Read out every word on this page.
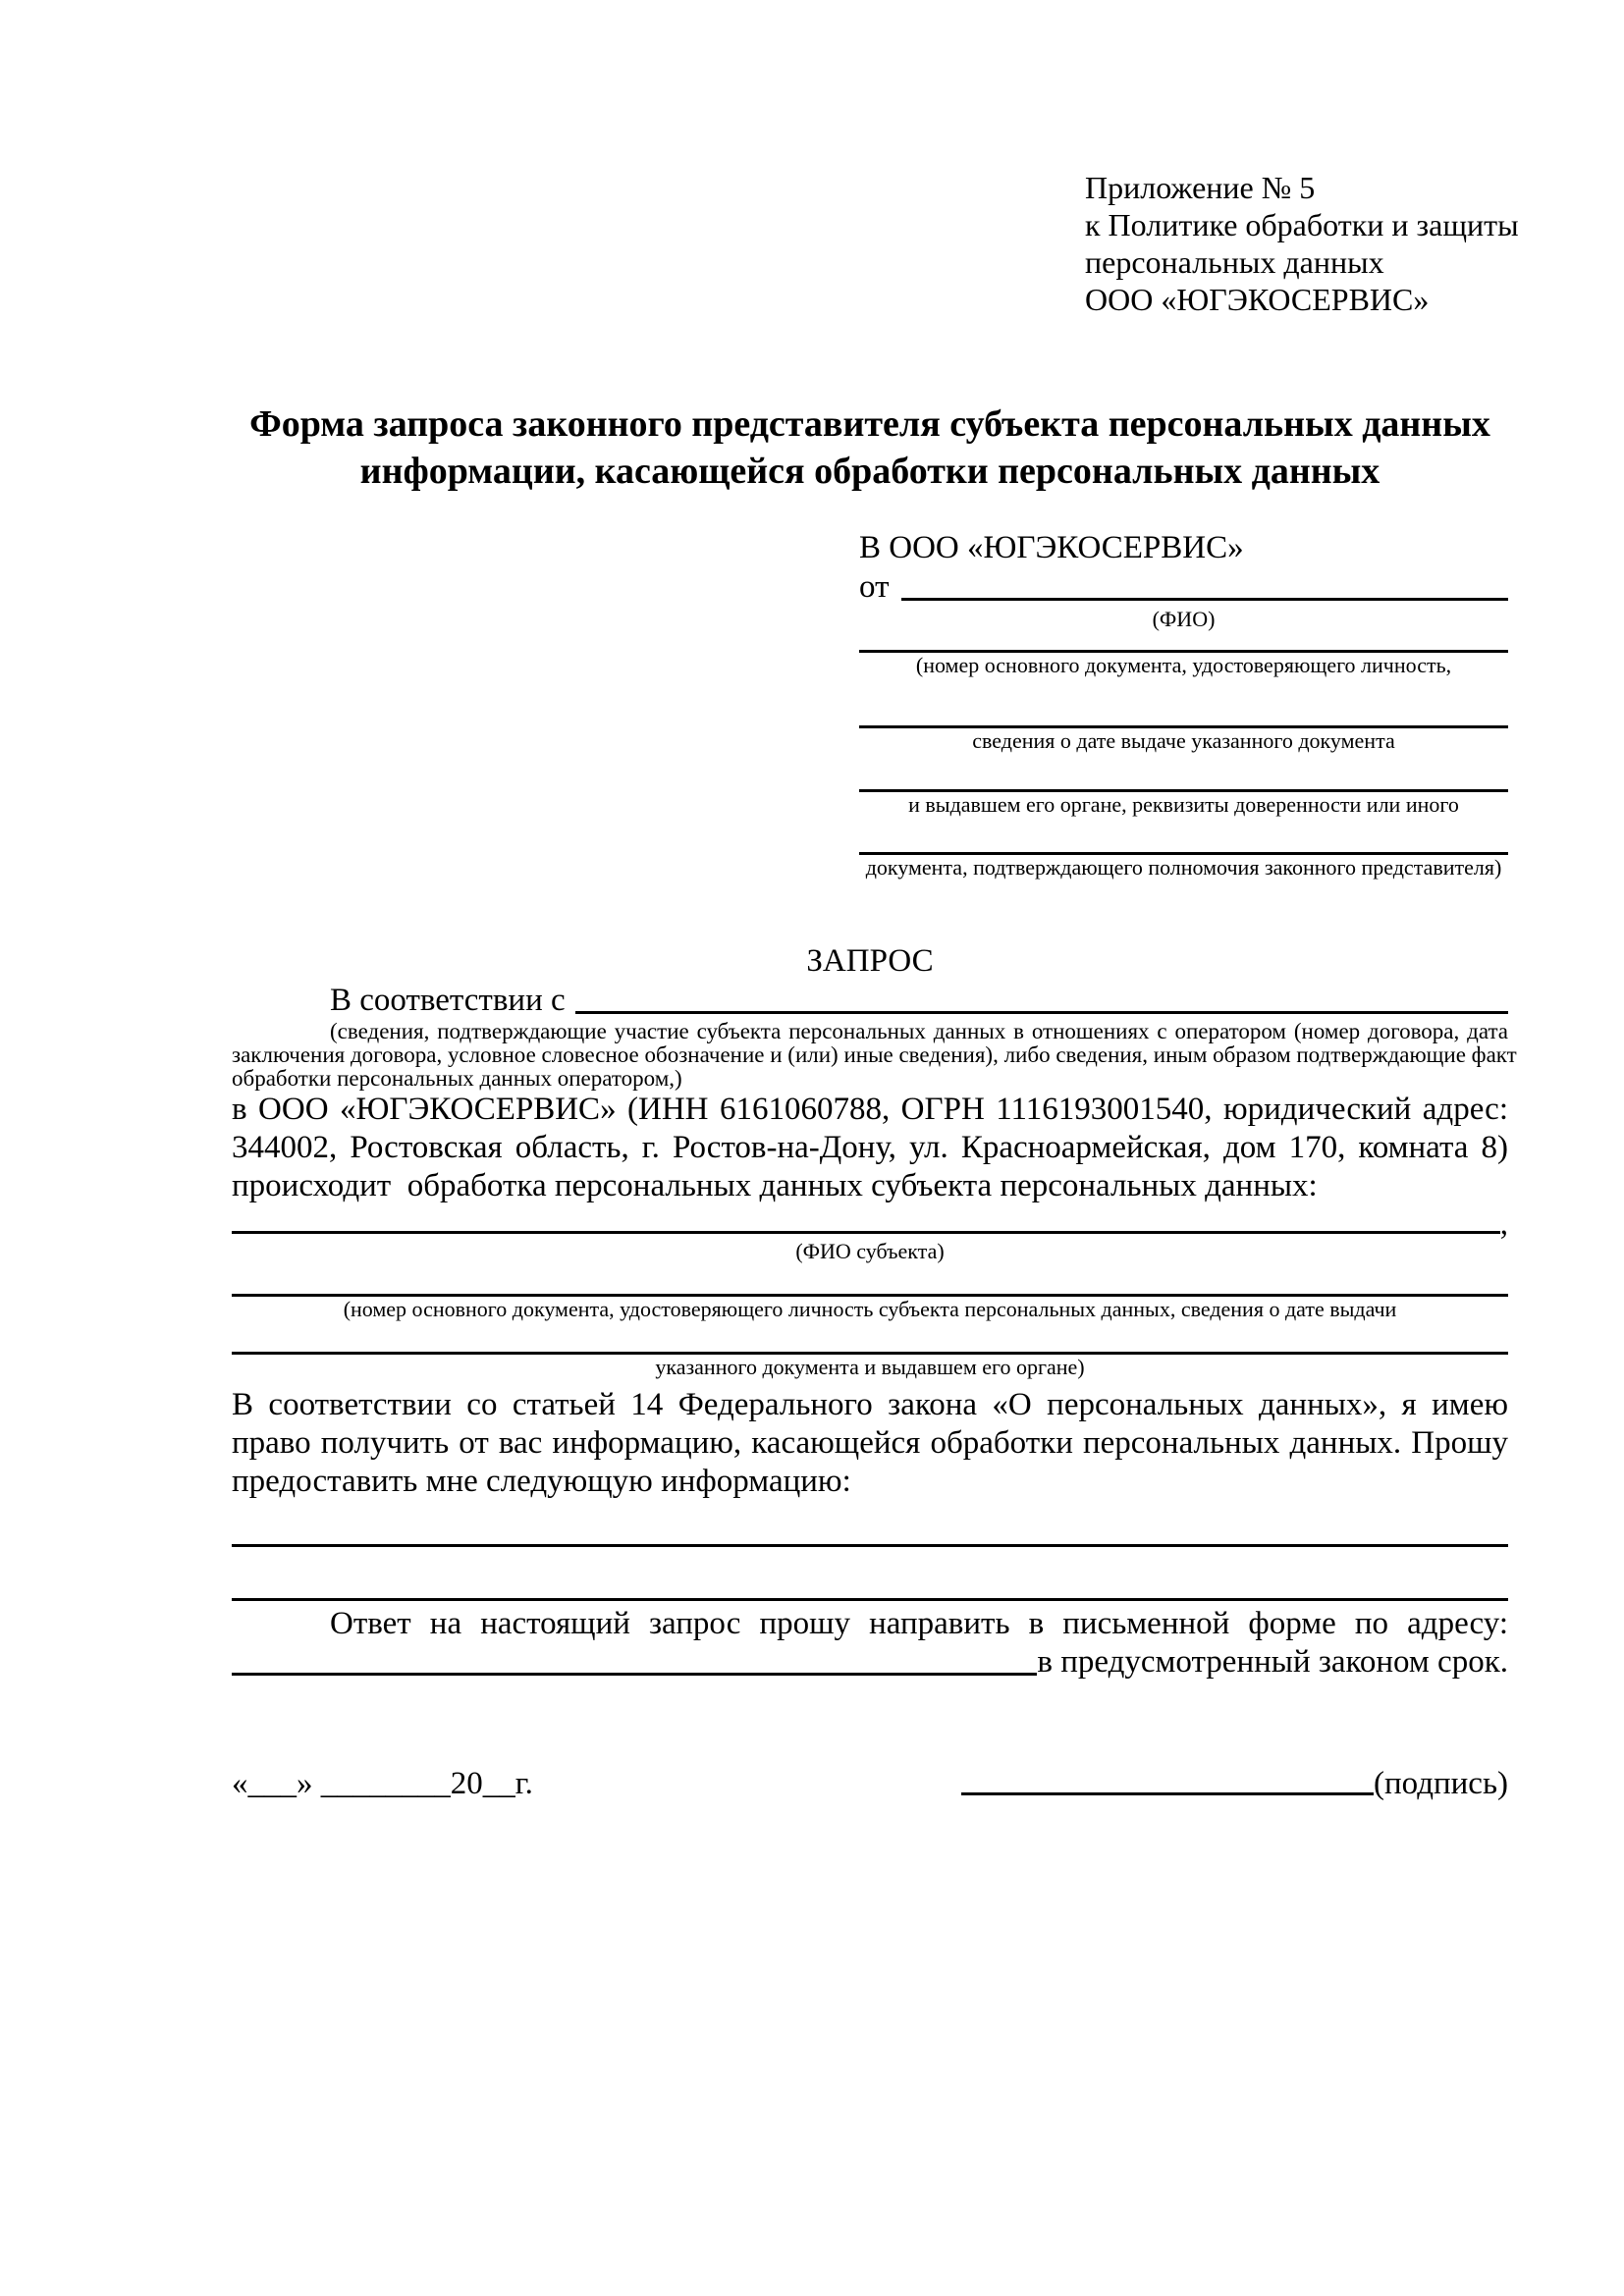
Приложение № 5
к Политике обработки и защиты
персональных данных
ООО «ЮГЭКОСЕРВИС»
Форма запроса законного представителя субъекта персональных данных
информации, касающейся обработки персональных данных
В ООО «ЮГЭКОСЕРВИС»
от
(ФИО)
(номер основного документа, удостоверяющего личность,
сведения о дате выдаче указанного документа
и выдавшем его органе, реквизиты доверенности или иного
документа, подтверждающего полномочия законного представителя)
ЗАПРОС
В соответствии с
(сведения, подтверждающие участие субъекта персональных данных в отношениях с оператором (номер договора, дата
заключения договора, условное словесное обозначение и (или) иные сведения), либо сведения, иным образом подтверждающие факт
обработки персональных данных оператором,)
в ООО «ЮГЭКОСЕРВИС» (ИНН 6161060788, ОГРН 1116193001540, юридический адрес:
344002, Ростовская область, г. Ростов-на-Дону, ул. Красноармейская, дом 170, комната 8)
происходит  обработка персональных данных субъекта персональных данных:
,
(ФИО субъекта)
(номер основного документа, удостоверяющего личность субъекта персональных данных, сведения о дате выдачи
указанного документа и выдавшем его органе)
В соответствии со статьей 14 Федерального закона «О персональных данных», я имею
право получить от вас информацию, касающейся обработки персональных данных. Прошу
предоставить мне следующую информацию:
Ответ на настоящий запрос прошу направить в письменной форме по адресу:
в предусмотренный законом срок.
«___» ________20__г.	(подпись)
